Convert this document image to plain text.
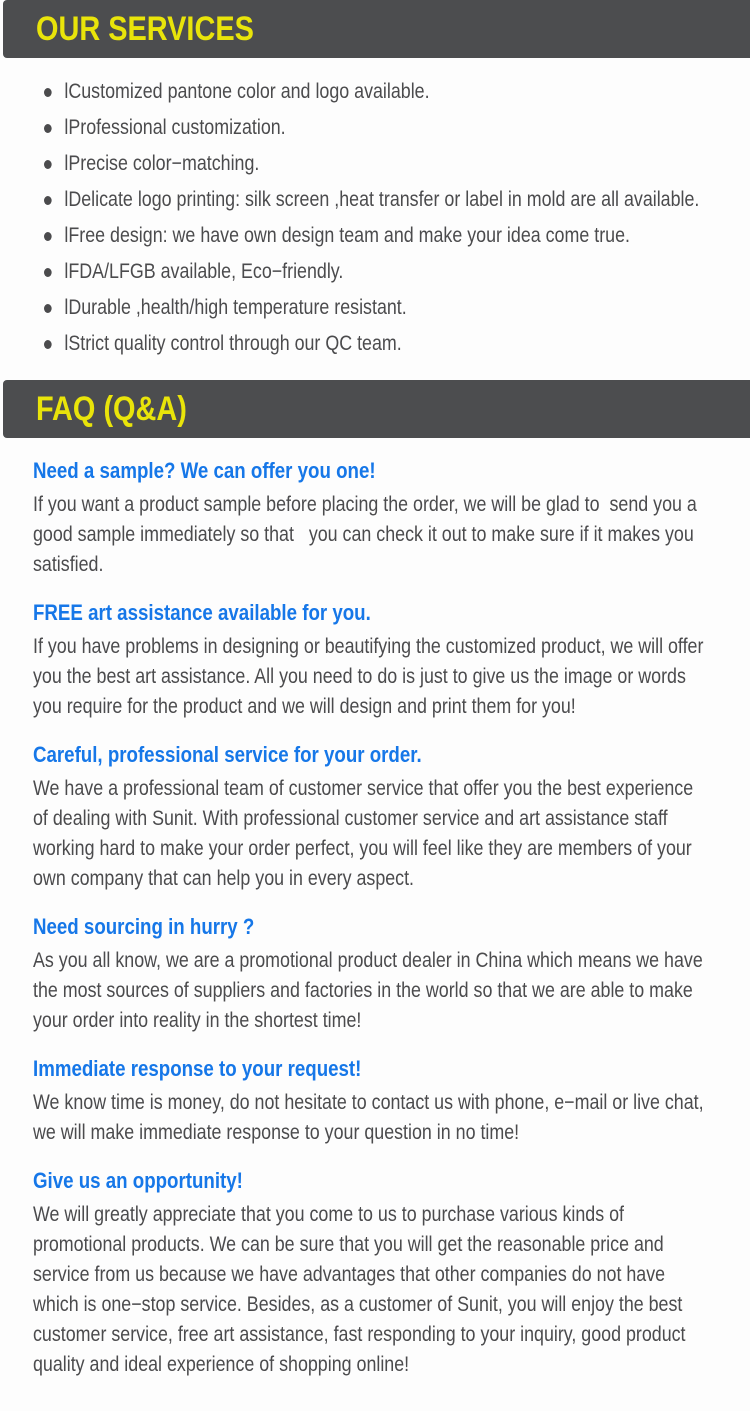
OUR SERVICES
lCustomized pantone color and logo available.
lProfessional customization.
lPrecise color−matching.
lDelicate logo printing: silk screen ,heat transfer or label in mold are all available.
lFree design: we have own design team and make your idea come true.
lFDA/LFGB available, Eco−friendly.
lDurable ,health/high temperature resistant.
lStrict quality control through our QC team.
FAQ (Q&A)
Need a sample? We can offer you one!

If you want a product sample before placing the order, we will be glad to  send you a good sample immediately so that   you can check it out to make sure if it makes you satisfied.

FREE art assistance available for you.

If you have problems in designing or beautifying the customized product, we will offer you the best art assistance. All you need to do is just to give us the image or words you require for the product and we will design and print them for you!

Careful, professional service for your order.

We have a professional team of customer service that offer you the best experience of dealing with Sunit. With professional customer service and art assistance staff working hard to make your order perfect, you will feel like they are members of your own company that can help you in every aspect.

Need sourcing in hurry ?

As you all know, we are a promotional product dealer in China which means we have the most sources of suppliers and factories in the world so that we are able to make your order into reality in the shortest time!

Immediate response to your request!

We know time is money, do not hesitate to contact us with phone, e−mail or live chat, we will make immediate response to your question in no time!

Give us an opportunity!

We will greatly appreciate that you come to us to purchase various kinds of promotional products. We can be sure that you will get the reasonable price and service from us because we have advantages that other companies do not have which is one−stop service. Besides, as a customer of Sunit, you will enjoy the best customer service, free art assistance, fast responding to your inquiry, good product quality and ideal experience of shopping online!
